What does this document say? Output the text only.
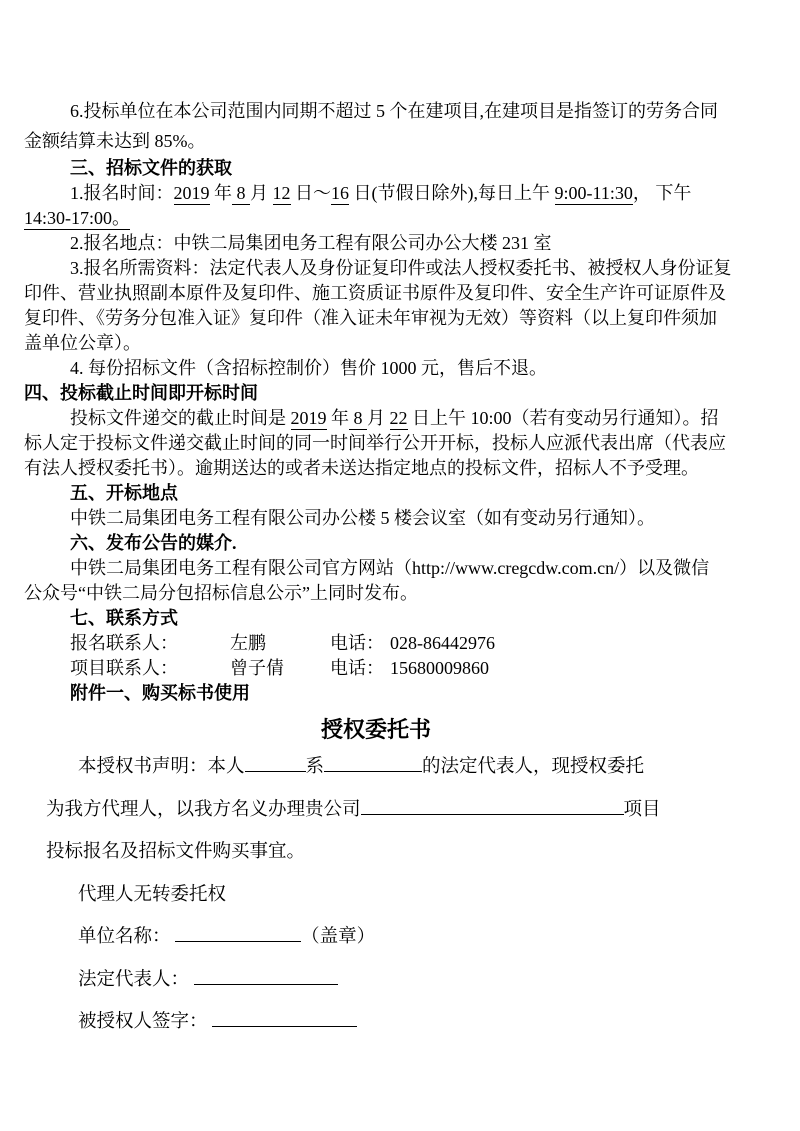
6.投标单位在本公司范围内同期不超过 5 个在建项目,在建项目是指签订的劳务合同
金额结算未达到 85%。
三、招标文件的获取
1.报名时间：2019 年 8 月 12 日～16 日(节假日除外),每日上午 9:00-11:30， 下午
14:30-17:00。
2.报名地点：中铁二局集团电务工程有限公司办公大楼 231 室
3.报名所需资料：法定代表人及身份证复印件或法人授权委托书、被授权人身份证复
印件、营业执照副本原件及复印件、施工资质证书原件及复印件、安全生产许可证原件及
复印件、《劳务分包准入证》复印件（准入证未年审视为无效）等资料（以上复印件须加
盖单位公章）。
4. 每份招标文件（含招标控制价）售价 1000 元，售后不退。
四、投标截止时间即开标时间
投标文件递交的截止时间是 2019 年 8 月 22 日上午 10:00（若有变动另行通知）。招
标人定于投标文件递交截止时间的同一时间举行公开开标，投标人应派代表出席（代表应
有法人授权委托书）。逾期送达的或者未送达指定地点的投标文件，招标人不予受理。
五、开标地点
中铁二局集团电务工程有限公司办公楼 5 楼会议室（如有变动另行通知）。
六、发布公告的媒介.
中铁二局集团电务工程有限公司官方网站（http://www.cregcdw.com.cn/）以及微信
公众号“中铁二局分包招标信息公示”上同时发布。
七、联系方式
报名联系人：	左鹏	电话： 028-86442976
项目联系人：	曾子倩	电话： 15680009860
附件一、购买标书使用
授权委托书
本授权书声明：本人	系	的法定代表人，现授权委托
为我方代理人，以我方名义办理贵公司	项目
投标报名及招标文件购买事宜。
代理人无转委托权
单位名称：	（盖章）
法定代表人：
被授权人签字：
